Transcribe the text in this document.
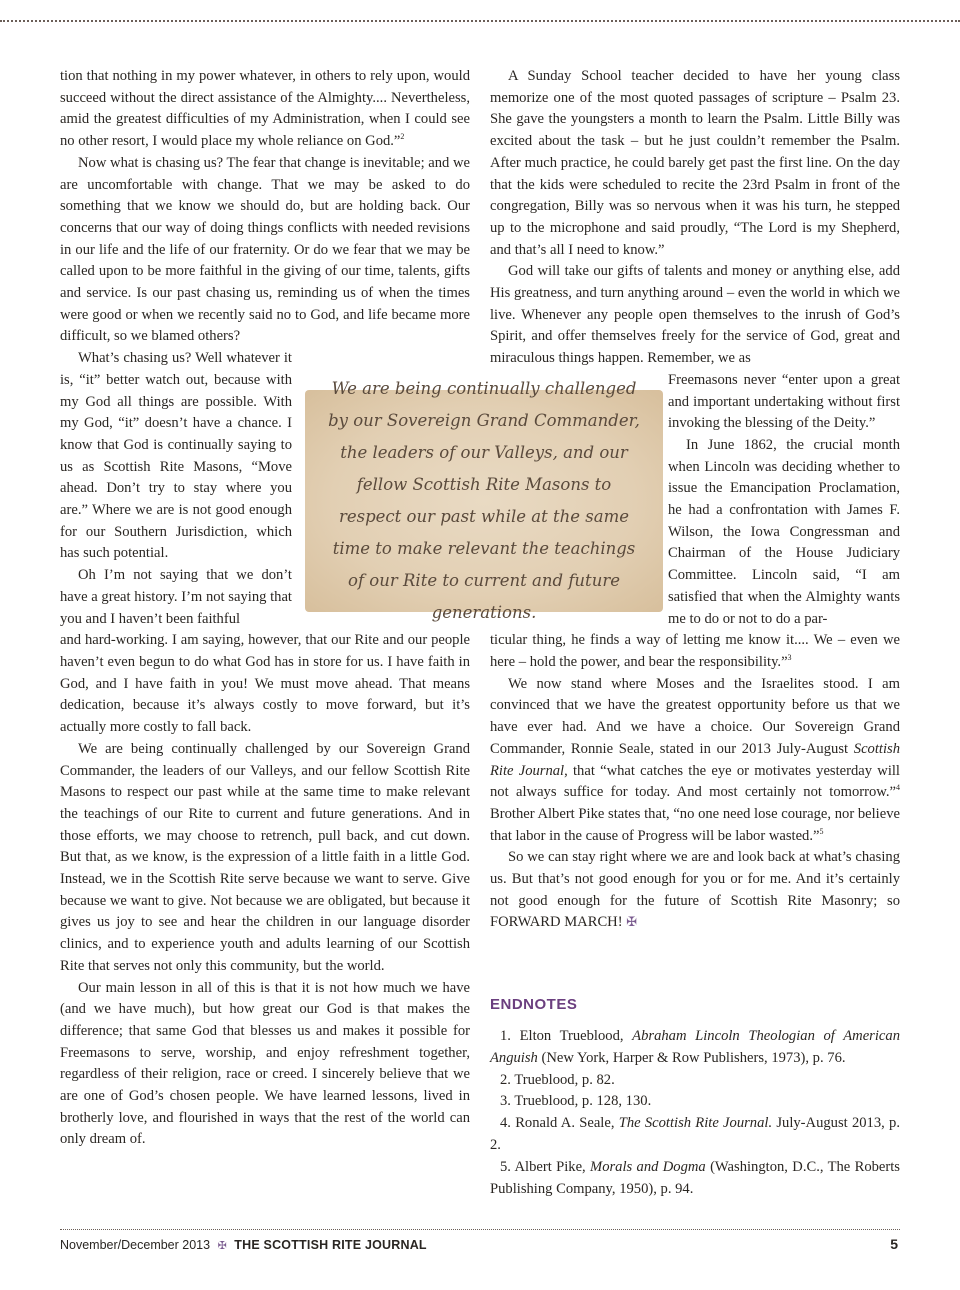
tion that nothing in my power whatever, in others to rely upon, would succeed without the direct assistance of the Almighty.... Nevertheless, amid the greatest difficulties of my Administration, when I could see no other resort, I would place my whole reliance on God.”$^2$

Now what is chasing us? The fear that change is inevitable; and we are uncomfortable with change. That we may be asked to do something that we know we should do, but are holding back. Our concerns that our way of doing things conflicts with needed revisions in our life and the life of our fraternity. Or do we fear that we may be called upon to be more faithful in the giving of our time, talents, gifts and service. Is our past chasing us, reminding us of when the times were good or when we recently said no to God, and life became more difficult, so we blamed others?

What’s chasing us? Well whatever it is, “it” better watch out, because with my God all things are possible. With my God, “it” doesn’t have a chance. I know that God is continually saying to us as Scottish Rite Masons, “Move ahead. Don’t try to stay where you are.” Where we are is not good enough for our Southern Jurisdiction, which has such potential.

Oh I’m not saying that we don’t have a great history. I’m not saying that you and I haven’t been faithful

and hard-working. I am saying, however, that our Rite and our people haven’t even begun to do what God has in store for us. I have faith in God, and I have faith in you! We must move ahead. That means dedication, because it’s always costly to move forward, but it’s actually more costly to fall back.

We are being continually challenged by our Sovereign Grand Commander, the leaders of our Valleys, and our fellow Scottish Rite Masons to respect our past while at the same time to make relevant the teachings of our Rite to current and future generations. And in those efforts, we may choose to retrench, pull back, and cut down. But that, as we know, is the expression of a little faith in a little God. Instead, we in the Scottish Rite serve because we want to serve. Give because we want to give. Not because we are obligated, but because it gives us joy to see and hear the children in our language disorder clinics, and to experience youth and adults learning of our Scottish Rite that serves not only this community, but the world.

Our main lesson in all of this is that it is not how much we have (and we have much), but how great our God is that makes the difference; that same God that blesses us and makes it possible for Freemasons to serve, worship, and enjoy refreshment together, regardless of their religion, race or creed. I sincerely believe that we are one of God’s chosen people. We have learned lessons, lived in brotherly love, and flourished in ways that the rest of the world can only dream of.

A Sunday School teacher decided to have her young class memorize one of the most quoted passages of scripture – Psalm 23. She gave the youngsters a month to learn the Psalm. Little Billy was excited about the task – but he just couldn’t remember the Psalm. After much practice, he could barely get past the first line. On the day that the kids were scheduled to recite the 23rd Psalm in front of the congregation, Billy was so nervous when it was his turn, he stepped up to the microphone and said proudly, “The Lord is my Shepherd, and that’s all I need to know.”

God will take our gifts of talents and money or anything else, add His greatness, and turn anything around – even the world in which we live. Whenever any people open themselves to the inrush of God’s Spirit, and offer themselves freely for the service of God, great and miraculous things happen. Remember, we as

Freemasons never “enter upon a great and important undertaking without first invoking the blessing of the Deity.”

In June 1862, the crucial month when Lincoln was deciding whether to issue the Emancipation Proclamation, he had a confrontation with James F. Wilson, the Iowa Congressman and Chairman of the House Judiciary Committee. Lincoln said, “I am satisfied that when the Almighty wants me to do or not to do a par-

ticular thing, he finds a way of letting me know it.... We – even we here – hold the power, and bear the responsibility.”$^3$

We now stand where Moses and the Israelites stood. I am convinced that we have the greatest opportunity before us that we have ever had. And we have a choice. Our Sovereign Grand Commander, Ronnie Seale, stated in our 2013 July-August Scottish Rite Journal, that “what catches the eye or motivates yesterday will not always suffice for today. And most certainly not tomorrow.”$^4$ Brother Albert Pike states that, “no one need lose courage, nor believe that labor in the cause of Progress will be labor wasted.”$^5$

So we can stay right where we are and look back at what’s chasing us. But that’s not good enough for you or for me. And it’s certainly not good enough for the future of Scottish Rite Masonry; so FORWARD MARCH! ✠

We are being continually challenged by our Sovereign Grand Commander, the leaders of our Valleys, and our fellow Scottish Rite Masons to respect our past while at the same time to make relevant the teachings of our Rite to current and future generations.
ENDNOTES

1. Elton Trueblood, Abraham Lincoln Theologian of American Anguish (New York, Harper & Row Publishers, 1973), p. 76.

2. Trueblood, p. 82.

3. Trueblood, p. 128, 130.

4. Ronald A. Seale, The Scottish Rite Journal. July-August 2013, p. 2.

5. Albert Pike, Morals and Dogma (Washington, D.C., The Roberts Publishing Company, 1950), p. 94.

November/December 2013 ✠ THE SCOTTISH RITE JOURNAL	5
